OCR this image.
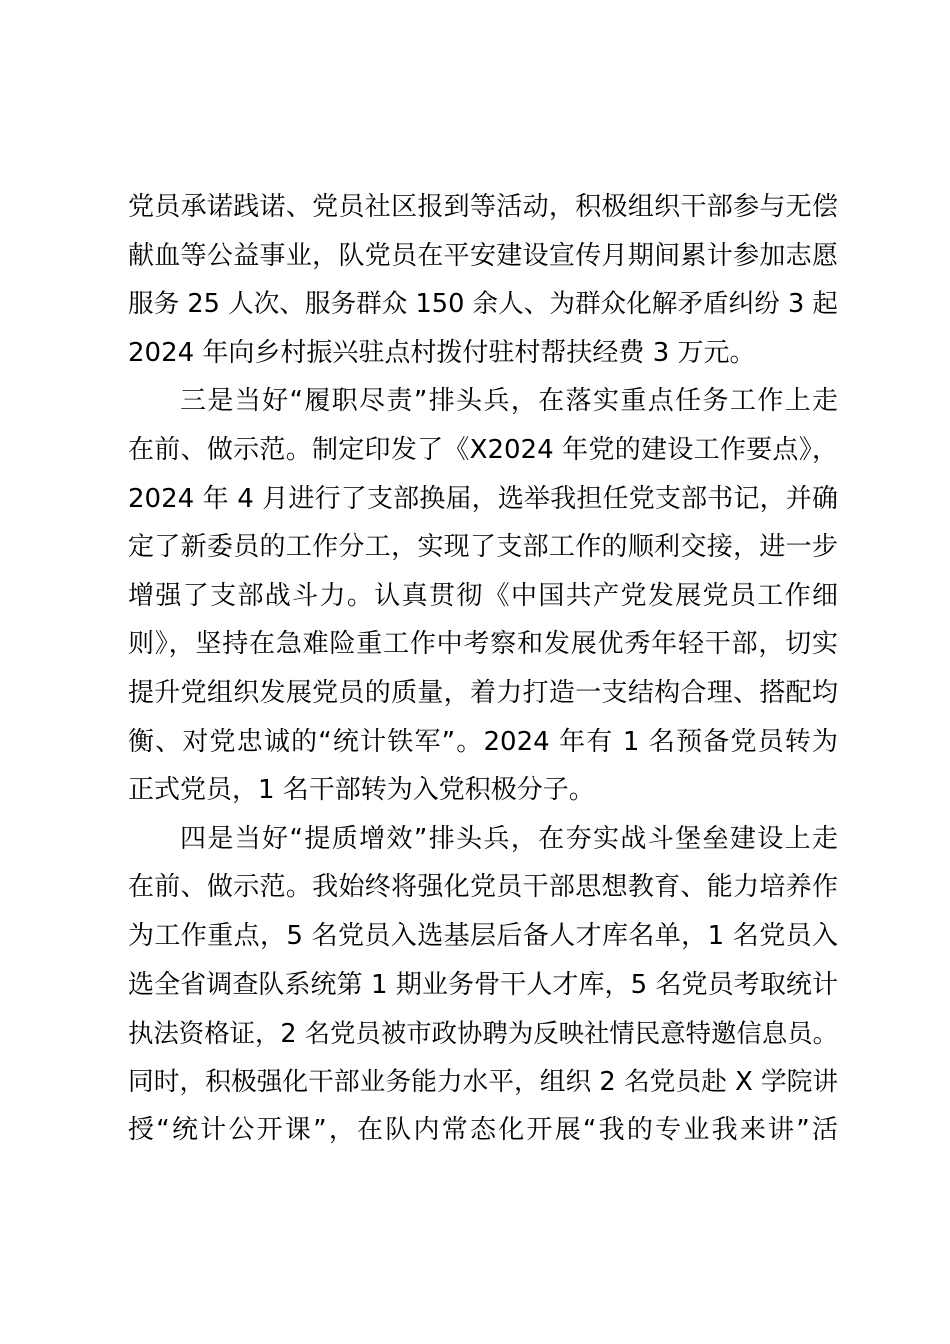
党员承诺践诺、党员社区报到等活动，积极组织干部参与无偿
献血等公益事业，队党员在平安建设宣传月期间累计参加志愿
服务 25 人次、服务群众 150 余人、为群众化解矛盾纠纷 3 起
2024 年向乡村振兴驻点村拨付驻村帮扶经费 3 万元。
三是当好“履职尽责”排头兵，在落实重点任务工作上走
在前、做示范。制定印发了《X2024 年党的建设工作要点》，
2024 年 4 月进行了支部换届，选举我担任党支部书记，并确
定了新委员的工作分工，实现了支部工作的顺利交接，进一步
增强了支部战斗力。认真贯彻《中国共产党发展党员工作细
则》，坚持在急难险重工作中考察和发展优秀年轻干部，切实
提升党组织发展党员的质量，着力打造一支结构合理、搭配均
衡、对党忠诚的“统计铁军”。2024 年有 1 名预备党员转为
正式党员，1 名干部转为入党积极分子。
四是当好“提质增效”排头兵，在夯实战斗堡垒建设上走
在前、做示范。我始终将强化党员干部思想教育、能力培养作
为工作重点，5 名党员入选基层后备人才库名单，1 名党员入
选全省调查队系统第 1 期业务骨干人才库，5 名党员考取统计
执法资格证，2 名党员被市政协聘为反映社情民意特邀信息员。
同时，积极强化干部业务能力水平，组织 2 名党员赴 X 学院讲
授“统计公开课”，在队内常态化开展“我的专业我来讲”活
